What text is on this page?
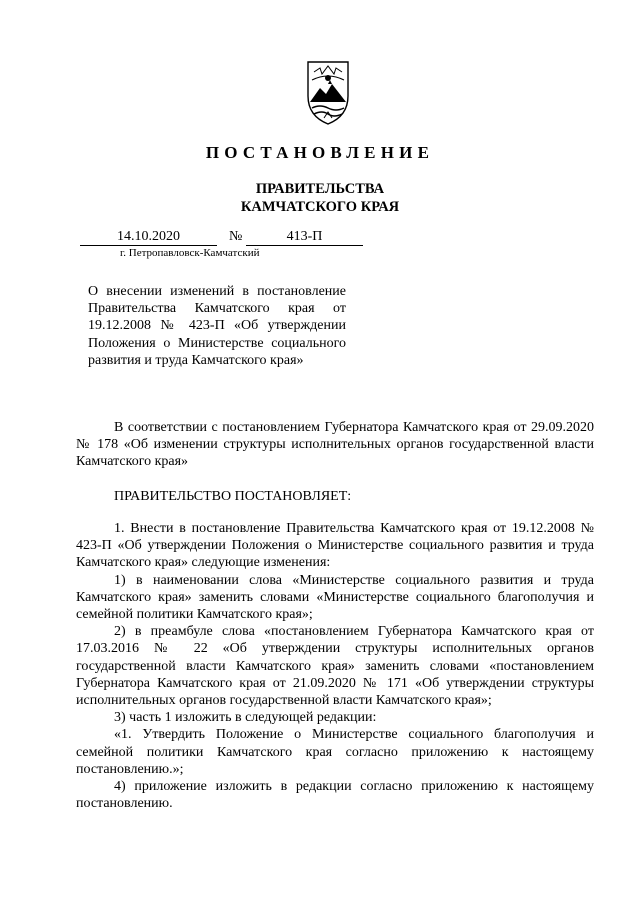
ПОСТАНОВЛЕНИЕ
ПРАВИТЕЛЬСТВА
КАМЧАТСКОГО КРАЯ
14.10.2020	№	413-П
г. Петропавловск-Камчатский
О внесении изменений в постановление Правительства Камчатского края от 19.12.2008 № 423-П «Об утверждении Положения о Министерстве социального развития и труда Камчатского края»

В соответствии с постановлением Губернатора Камчатского края от 29.09.2020 № 178 «Об изменении структуры исполнительных органов государственной власти Камчатского края»

ПРАВИТЕЛЬСТВО ПОСТАНОВЛЯЕТ:

1. Внести в постановление Правительства Камчатского края от 19.12.2008 № 423-П «Об утверждении Положения о Министерстве социального развития и труда Камчатского края» следующие изменения:

1) в наименовании слова «Министерстве социального развития и труда Камчатского края» заменить словами «Министерстве социального благополучия и семейной политики Камчатского края»;

2) в преамбуле слова «постановлением Губернатора Камчатского края от 17.03.2016 № 22 «Об утверждении структуры исполнительных органов государственной власти Камчатского края» заменить словами «постановлением Губернатора Камчатского края от 21.09.2020 № 171 «Об утверждении структуры исполнительных органов государственной власти Камчатского края»;

3) часть 1 изложить в следующей редакции:

«1. Утвердить Положение о Министерстве социального благополучия и семейной политики Камчатского края согласно приложению к настоящему постановлению.»;

4) приложение изложить в редакции согласно приложению к настоящему постановлению.
